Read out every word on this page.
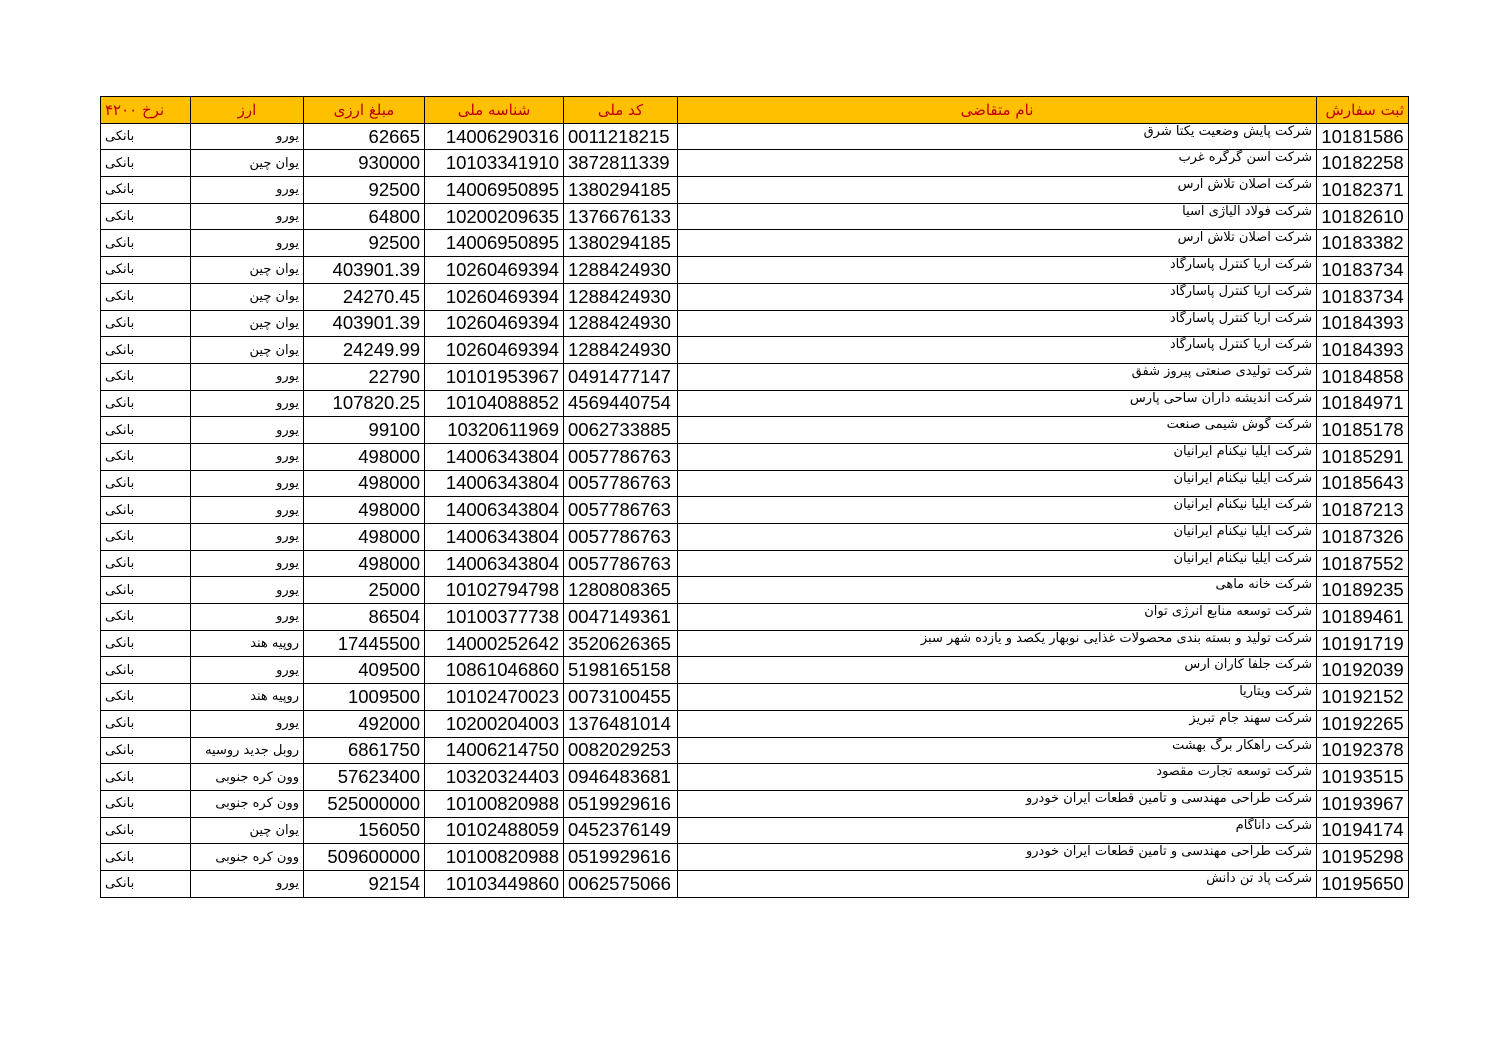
نرخ ۴۲۰۰	ارز	مبلغ ارزی	شناسه ملی	کد ملی	نام متقاضی	ثبت سفارش
بانکی	یورو	62665	14006290316	0011218215	شرکت پایش وضعیت یکتا شرق	10181586
بانکی	یوان چین	930000	10103341910	3872811339	شرکت آسن گرگره غرب	10182258
بانکی	یورو	92500	14006950895	1380294185	شرکت اصلان تلاش ارس	10182371
بانکی	یورو	64800	10200209635	1376676133	شرکت فولاد آلیاژی آسیا	10182610
بانکی	یورو	92500	14006950895	1380294185	شرکت اصلان تلاش ارس	10183382
بانکی	یوان چین	403901.39	10260469394	1288424930	شرکت آریا کنترل پاسارگاد	10183734
بانکی	یوان چین	24270.45	10260469394	1288424930	شرکت آریا کنترل پاسارگاد	10183734
بانکی	یوان چین	403901.39	10260469394	1288424930	شرکت آریا کنترل پاسارگاد	10184393
بانکی	یوان چین	24249.99	10260469394	1288424930	شرکت آریا کنترل پاسارگاد	10184393
بانکی	یورو	22790	10101953967	0491477147	شرکت تولیدی صنعتی پیروز شفق	10184858
بانکی	یورو	107820.25	10104088852	4569440754	شرکت اندیشه داران ساحی پارس	10184971
بانکی	یورو	99100	10320611969	0062733885	شرکت گوش شیمی صنعت	10185178
بانکی	یورو	498000	14006343804	0057786763	شرکت ایلیا نیکنام ایرانیان	10185291
بانکی	یورو	498000	14006343804	0057786763	شرکت ایلیا نیکنام ایرانیان	10185643
بانکی	یورو	498000	14006343804	0057786763	شرکت ایلیا نیکنام ایرانیان	10187213
بانکی	یورو	498000	14006343804	0057786763	شرکت ایلیا نیکنام ایرانیان	10187326
بانکی	یورو	498000	14006343804	0057786763	شرکت ایلیا نیکنام ایرانیان	10187552
بانکی	یورو	25000	10102794798	1280808365	شرکت خانه ماهی	10189235
بانکی	یورو	86504	10100377738	0047149361	شرکت توسعه منابع انرژی توان	10189461
بانکی	روپیه هند	17445500	14000252642	3520626365	شرکت تولید و بسته بندی محصولات غذایی نوبهار یکصد و یازده شهر سبز	10191719
بانکی	یورو	409500	10861046860	5198165158	شرکت جلفا کاران ارس	10192039
بانکی	روپیه هند	1009500	10102470023	0073100455	شرکت ویتاریا	10192152
بانکی	یورو	492000	10200204003	1376481014	شرکت سهند جام تبریز	10192265
بانکی	روبل جدید روسیه	6861750	14006214750	0082029253	شرکت راهکار برگ بهشت	10192378
بانکی	وون کره جنوبی	57623400	10320324403	0946483681	شرکت توسعه تجارت مقصود	10193515
بانکی	وون کره جنوبی	525000000	10100820988	0519929616	شرکت طراحی مهندسی و تأمین قطعات ایران خودرو	10193967
بانکی	یوان چین	156050	10102488059	0452376149	شرکت داناگام	10194174
بانکی	وون کره جنوبی	509600000	10100820988	0519929616	شرکت طراحی مهندسی و تأمین قطعات ایران خودرو	10195298
بانکی	یورو	92154	10103449860	0062575066	شرکت پاد تن دانش	10195650
